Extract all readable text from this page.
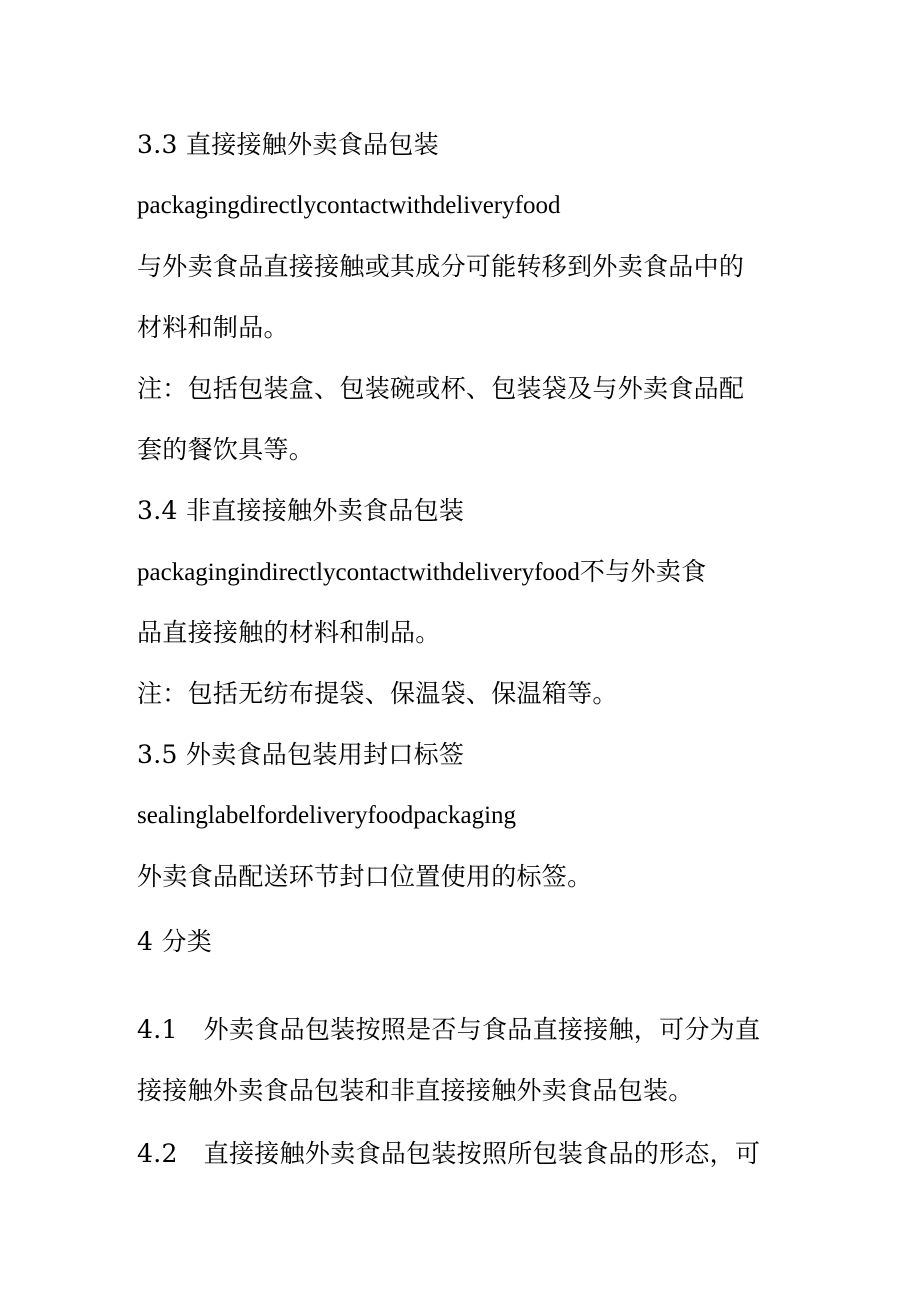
3.3 直接接触外卖食品包装
packagingdirectlycontactwithdeliveryfood
与外卖食品直接接触或其成分可能转移到外卖食品中的
材料和制品。
注：包括包装盒、包装碗或杯、包装袋及与外卖食品配
套的餐饮具等。
3.4 非直接接触外卖食品包装
packagingindirectlycontactwithdeliveryfood不与外卖食
品直接接触的材料和制品。
注：包括无纺布提袋、保温袋、保温箱等。
3.5 外卖食品包装用封口标签
sealinglabelfordeliveryfoodpackaging
外卖食品配送环节封口位置使用的标签。
4 分类
4.1 外卖食品包装按照是否与食品直接接触，可分为直
接接触外卖食品包装和非直接接触外卖食品包装。
4.2 直接接触外卖食品包装按照所包装食品的形态，可
